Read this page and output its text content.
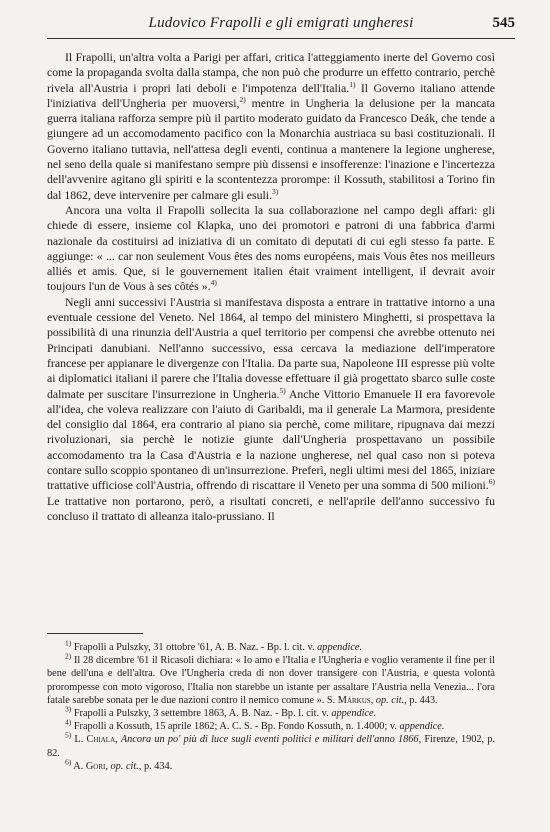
Ludovico Frapolli e gli emigrati ungheresi	545

Il Frapolli, un'altra volta a Parigi per affari, critica l'atteggiamento inerte del Governo così come la propaganda svolta dalla stampa, che non può che produrre un effetto contrario, perchè rivela all'Austria i propri lati deboli e l'impotenza dell'Italia.$^{1)}$ Il Governo italiano attende l'iniziativa dell'Ungheria per muoversi,$^{2)}$ mentre in Ungheria la delusione per la mancata guerra italiana rafforza sempre più il partito moderato guidato da Francesco Deák, che tende a giungere ad un accomodamento pacifico con la Monarchia austriaca su basi costituzionali. Il Governo italiano tuttavia, nell'attesa degli eventi, continua a mantenere la legione ungherese, nel seno della quale si manifestano sempre più dissensi e insofferenze: l'inazione e l'incertezza dell'avvenire agitano gli spiriti e la scontentezza prorompe: il Kossuth, stabilitosi a Torino fin dal 1862, deve intervenire per calmare gli esuli.$^{3)}$

Ancora una volta il Frapolli sollecita la sua collaborazione nel campo degli affari: gli chiede di essere, insieme col Klapka, uno dei promotori e patroni di una fabbrica d'armi nazionale da costituirsi ad iniziativa di un comitato di deputati di cui egli stesso fa parte. E aggiunge: « ... car non seulement Vous êtes des noms européens, mais Vous êtes nos meilleurs alliés et amis. Que, si le gouvernement italien était vraiment intelligent, il devrait avoir toujours l'un de Vous à ses côtés ».$^{4)}$

Negli anni successivi l'Austria si manifestava disposta a entrare in trattative intorno a una eventuale cessione del Veneto. Nel 1864, al tempo del ministero Minghetti, si prospettava la possibilità di una rinunzia dell'Austria a quel territorio per compensi che avrebbe ottenuto nei Principati danubiani. Nell'anno successivo, essa cercava la mediazione dell'imperatore francese per appianare le divergenze con l'Italia. Da parte sua, Napoleone III espresse più volte ai diplomatici italiani il parere che l'Italia dovesse effettuare il già progettato sbarco sulle coste dalmate per suscitare l'insurrezione in Ungheria.$^{5)}$ Anche Vittorio Emanuele II era favorevole all'idea, che voleva realizzare con l'aiuto di Garibaldi, ma il generale La Marmora, presidente del consiglio dal 1864, era contrario al piano sia perchè, come militare, ripugnava dai mezzi rivoluzionari, sia perchè le notizie giunte dall'Ungheria prospettavano un possibile accomodamento tra la Casa d'Austria e la nazione ungherese, nel qual caso non si poteva contare sullo scoppio spontaneo di un'insurrezione. Preferì, negli ultimi mesi del 1865, iniziare trattative ufficiose coll'Austria, offrendo di riscattare il Veneto per una somma di 500 milioni.$^{6)}$ Le trattative non portarono, però, a risultati concreti, e nell'aprile dell'anno successivo fu concluso il trattato di alleanza italo-prussiano. Il

$^{1)}$ Frapolli a Pulszky, 31 ottobre '61, A. B. Naz. - Bp. l. cit. v. appendice.

$^{2)}$ Il 28 dicembre '61 il Ricasoli dichiara: « Io amo e l'Italia e l'Ungheria e voglio veramente il fine per il bene dell'una e dell'altra. Ove l'Ungheria creda di non dover transigere con l'Austria, e questa volontà prorompesse con moto vigoroso, l'Italia non starebbe un istante per assaltare l'Austria nella Venezia... l'ora fatale sarebbe sonata per le due nazioni contro il nemico comune ». S. Márkus, op. cit., p. 443.

$^{3)}$ Frapolli a Pulszky, 3 settembre 1863, A. B. Naz. - Bp. l. cit. v. appendice.

$^{4)}$ Frapolli a Kossuth, 15 aprile 1862; A. C. S. - Bp. Fondo Kossuth, n. 1.4000; v. appendice.

$^{5)}$ L. Chiala, Ancora un po' più di luce sugli eventi politici e militari dell'anno 1866, Firenze, 1902, p. 82.

$^{6)}$ A. Gori, op. cit., p. 434.
